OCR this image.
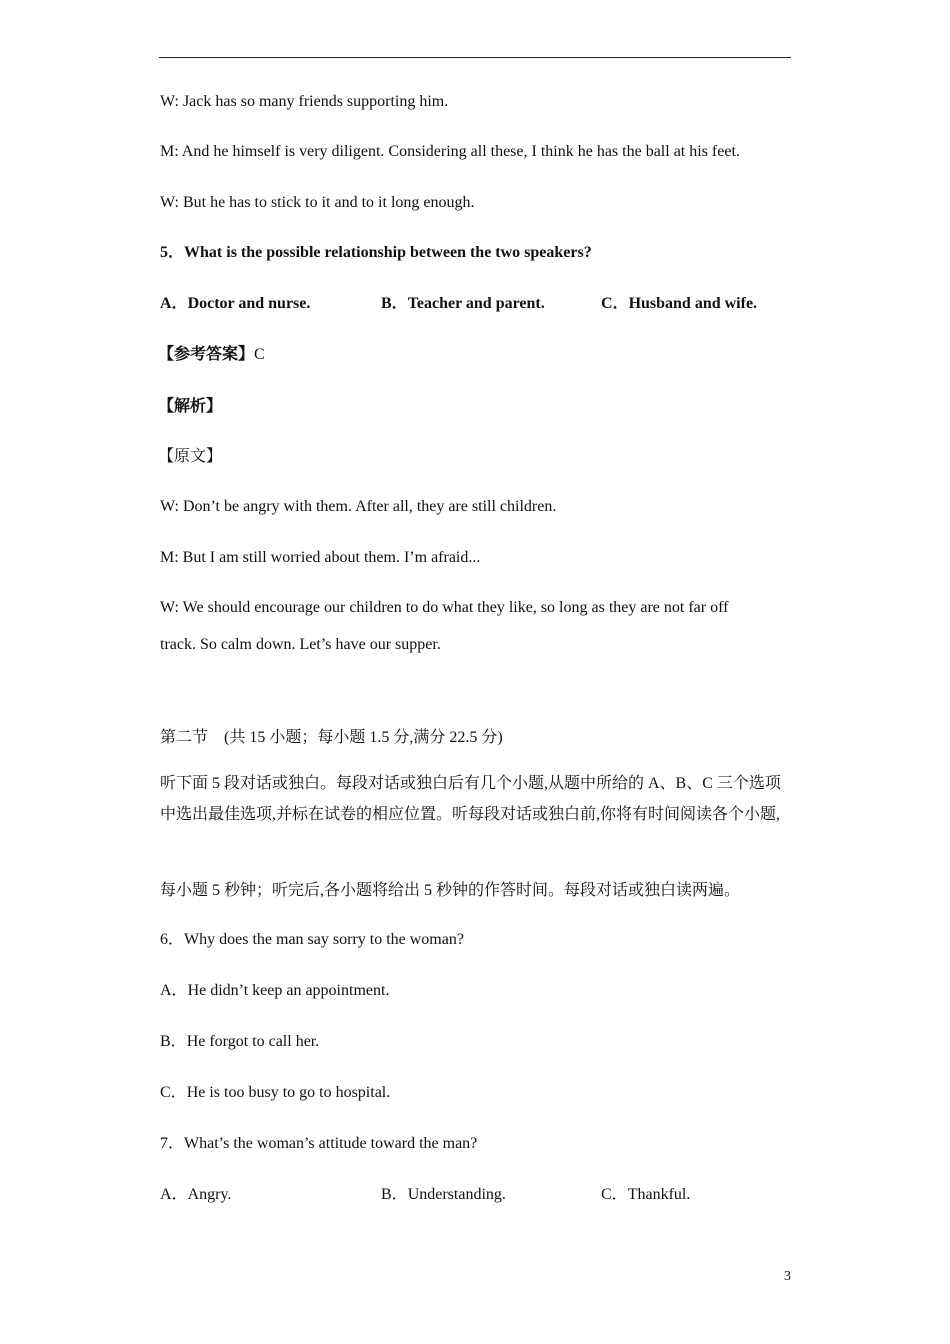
W: Jack has so many friends supporting him.
M: And he himself is very diligent. Considering all these, I think he has the ball at his feet.
W: But he has to stick to it and to it long enough.
5．What is the possible relationship between the two speakers?
A．Doctor and nurse.	B．Teacher and parent.	C．Husband and wife.
【参考答案】C
【解析】
【原文】
W: Don’t be angry with them. After all, they are still children.
M: But I am still worried about them. I’m afraid...
W: We should encourage our children to do what they like, so long as they are not far off
track. So calm down. Let’s have our supper.
第二节　(共 15 小题；每小题 1.5 分,满分 22.5 分)
听下面 5 段对话或独白。每段对话或独白后有几个小题,从题中所给的 A、B、C 三个选项中选出最佳选项,并标在试卷的相应位置。听每段对话或独白前,你将有时间阅读各个小题,
每小题 5 秒钟；听完后,各小题将给出 5 秒钟的作答时间。每段对话或独白读两遍。
6．Why does the man say sorry to the woman?
A．He didn’t keep an appointment.
B．He forgot to call her.
C．He is too busy to go to hospital.
7．What’s the woman’s attitude toward the man?
A．Angry.	B．Understanding.	C．Thankful.
3
